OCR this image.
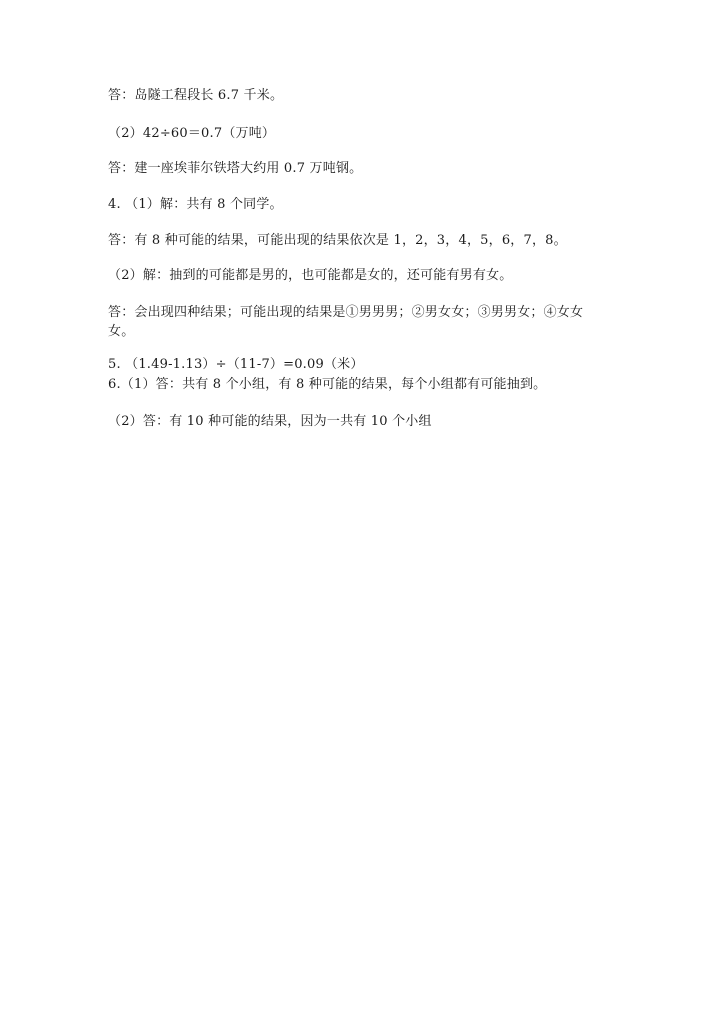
答：岛隧工程段长 6.7 千米。
（2）42÷60＝0.7（万吨）
答：建一座埃菲尔铁塔大约用 0.7 万吨钢。
4. （1）解：共有 8 个同学。
答：有 8 种可能的结果，可能出现的结果依次是 1，2，3，4，5，6，7，8。
（2）解：抽到的可能都是男的，也可能都是女的，还可能有男有女。
答：会出现四种结果；可能出现的结果是①男男男；②男女女；③男男女；④女女女。
5. （1.49-1.13）÷（11-7）=0.09（米）
6.（1）答：共有 8 个小组，有 8 种可能的结果，每个小组都有可能抽到。
（2）答：有 10 种可能的结果，因为一共有 10 个小组
